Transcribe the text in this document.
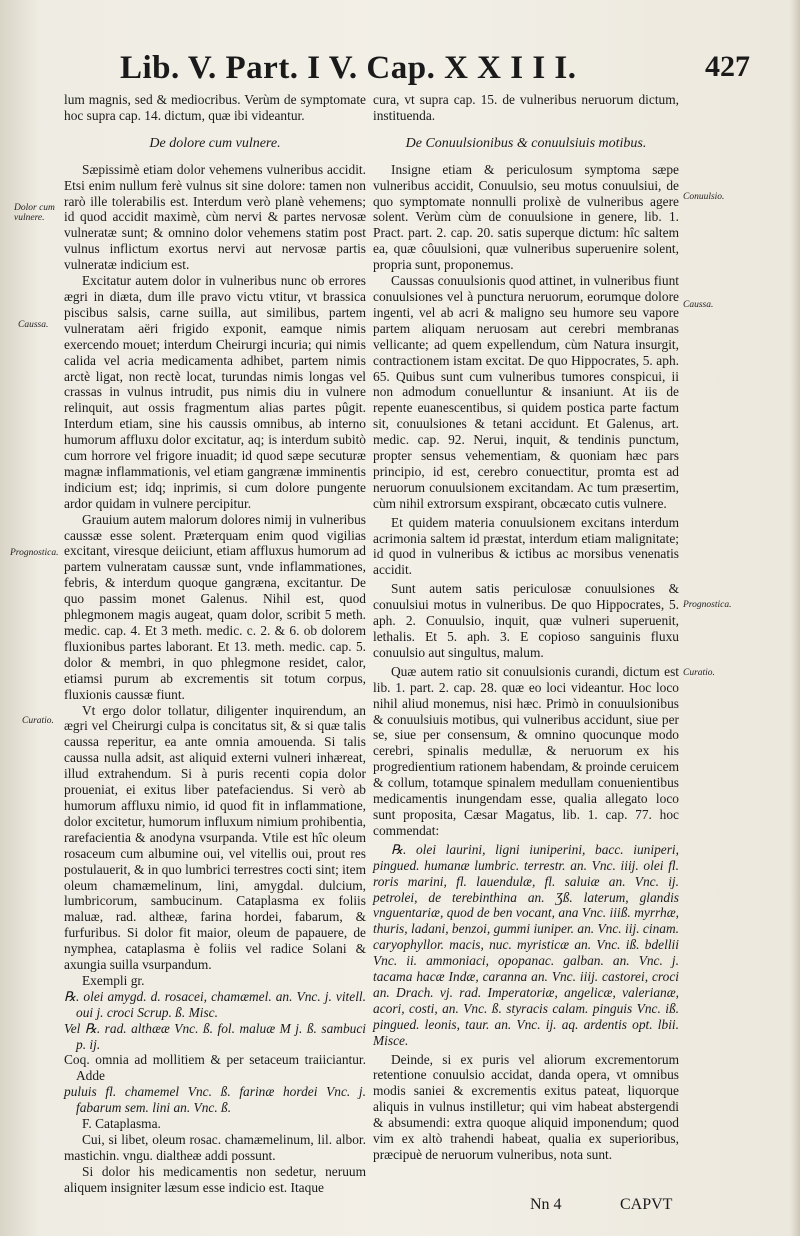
Lib. V. Part. I V. Cap. X X I I I.	427
Dolor cum vulnere.
Caussa.
Prognostica.
Curatio.
Conuulsio.
Caussa.
Prognostica.
Curatio.

lum magnis, sed & mediocribus. Verùm de symptomate hoc supra cap. 14. dictum, quæ ibi videantur.

De dolore cum vulnere.

Sæpissimè etiam dolor vehemens vulneribus accidit. Etsi enim nullum ferè vulnus sit sine dolore: tamen non rarò ille tolerabilis est. Interdum verò planè vehemens; id quod accidit maximè, cùm nervi & partes nervosæ vulneratæ sunt; & omnino dolor vehemens statim post vulnus inflictum exortus nervi aut nervosæ partis vulneratæ indicium est.

Excitatur autem dolor in vulneribus nunc ob errores ægri in diæta, dum ille pravo victu vtitur, vt brassica piscibus salsis, carne suilla, aut similibus, partem vulneratam aëri frigido exponit, eamque nimis exercendo mouet; interdum Cheirurgi incuria; qui nimis calida vel acria medicamenta adhibet, partem nimis arctè ligat, non rectè locat, turundas nimis longas vel crassas in vulnus intrudit, pus nimis diu in vulnere relinquit, aut ossis fragmentum alias partes pûgit. Interdum etiam, sine his caussis omnibus, ab interno humorum affluxu dolor excitatur, aq; is interdum subitò cum horrore vel frigore inuadit; id quod sæpe secuturæ magnæ inflammationis, vel etiam gangrænæ imminentis indicium est; idq; inprimis, si cum dolore pungente ardor quidam in vulnere percipitur.

Grauium autem malorum dolores nimij in vulneribus caussæ esse solent. Præterquam enim quod vigilias excitant, viresque deiiciunt, etiam affluxus humorum ad partem vulneratam caussæ sunt, vnde inflammationes, febris, & interdum quoque gangræna, excitantur. De quo passim monet Galenus. Nihil est, quod phlegmonem magis augeat, quam dolor, scribit 5 meth. medic. cap. 4. Et 3 meth. medic. c. 2. & 6. ob dolorem fluxionibus partes laborant. Et 13. meth. medic. cap. 5. dolor & membri, in quo phlegmone residet, calor, etiamsi purum ab excrementis sit totum corpus, fluxionis caussæ fiunt.

Vt ergo dolor tollatur, diligenter inquirendum, an ægri vel Cheirurgi culpa is concitatus sit, & si quæ talis caussa reperitur, ea ante omnia amouenda. Si talis caussa nulla adsit, ast aliquid externi vulneri inhæreat, illud extrahendum. Si à puris recenti copia dolor proueniat, ei exitus liber patefaciendus. Si verò ab humorum affluxu nimio, id quod fit in inflammatione, dolor excitetur, humorum influxum nimium prohibentia, rarefacientia & anodyna vsurpanda. Vtile est hîc oleum rosaceum cum albumine oui, vel vitellis oui, prout res postulauerit, & in quo lumbrici terrestres cocti sint; item oleum chamæmelinum, lini, amygdal. dulcium, lumbricorum, sambucinum. Cataplasma ex foliis maluæ, rad. altheæ, farina hordei, fabarum, & furfuribus. Si dolor fit maior, oleum de papauere, de nymphea, cataplasma è foliis vel radice Solani & axungia suilla vsurpandum.

Exempli gr.

℞. olei amygd. d. rosacei, chamæmel. an. Vnc. j. vitell. oui j. croci Scrup. ß. Misc.

Vel ℞. rad. althææ Vnc. ß. fol. maluæ M j. ß. sambuci p. ij.

Coq. omnia ad mollitiem & per setaceum traiiciantur. Adde

puluis fl. chamemel Vnc. ß. farinæ hordei Vnc. j. fabarum sem. lini an. Vnc. ß.

F. Cataplasma.

Cui, si libet, oleum rosac. chamæmelinum, lil. albor. mastichin. vngu. dialtheæ addi possunt.

Si dolor his medicamentis non sedetur, neruum aliquem insigniter læsum esse indicio est. Itaque

cura, vt supra cap. 15. de vulneribus neruorum dictum, instituenda.

De Conuulsionibus & conuulsiuis motibus.

Insigne etiam & periculosum symptoma sæpe vulneribus accidit, Conuulsio, seu motus conuulsiui, de quo symptomate nonnulli prolixè de vulneribus agere solent. Verùm cùm de conuulsione in genere, lib. 1. Pract. part. 2. cap. 20. satis superque dictum: hîc saltem ea, quæ côuulsioni, quæ vulneribus superuenire solent, propria sunt, proponemus.

Caussas conuulsionis quod attinet, in vulneribus fiunt conuulsiones vel à punctura neruorum, eorumque dolore ingenti, vel ab acri & maligno seu humore seu vapore partem aliquam neruosam aut cerebri membranas vellicante; ad quem expellendum, cùm Natura insurgit, contractionem istam excitat. De quo Hippocrates, 5. aph. 65. Quibus sunt cum vulneribus tumores conspicui, ii non admodum conuelluntur & insaniunt. At iis de repente euanescentibus, si quidem postica parte factum sit, conuulsiones & tetani accidunt. Et Galenus, art. medic. cap. 92. Nerui, inquit, & tendinis punctum, propter sensus vehementiam, & quoniam hæc pars principio, id est, cerebro conuectitur, promta est ad neruorum conuulsionem excitandam. Ac tum præsertim, cùm nihil extrorsum exspirant, obcæcato cutis vulnere.

Et quidem materia conuulsionem excitans interdum acrimonia saltem id præstat, interdum etiam malignitate; id quod in vulneribus & ictibus ac morsibus venenatis accidit.

Sunt autem satis periculosæ conuulsiones & conuulsiui motus in vulneribus. De quo Hippocrates, 5. aph. 2. Conuulsio, inquit, quæ vulneri superuenit, lethalis. Et 5. aph. 3. E copioso sanguinis fluxu conuulsio aut singultus, malum.

Quæ autem ratio sit conuulsionis curandi, dictum est lib. 1. part. 2. cap. 28. quæ eo loci videantur. Hoc loco nihil aliud monemus, nisi hæc. Primò in conuulsionibus & conuulsiuis motibus, qui vulneribus accidunt, siue per se, siue per consensum, & omnino quocunque modo cerebri, spinalis medullæ, & neruorum ex his progredientium rationem habendam, & proinde ceruicem & collum, totamque spinalem medullam conuenientibus medicamentis inungendam esse, qualia allegato loco sunt proposita, Cæsar Magatus, lib. 1. cap. 77. hoc commendat:

℞. olei laurini, ligni iuniperini, bacc. iuniperi, pingued. humanæ lumbric. terrestr. an. Vnc. iiij. olei fl. roris marini, fl. lauendulæ, fl. saluiæ an. Vnc. ij. petrolei, de terebinthina an. Ʒß. laterum, glandis vnguentariæ, quod de ben vocant, ana Vnc. iiiß. myrrhæ, thuris, ladani, benzoi, gummi iuniper. an. Vnc. iij. cinam. caryophyllor. macis, nuc. myristicæ an. Vnc. iß. bdellii Vnc. ii. ammoniaci, opopanac. galban. an. Vnc. j. tacama hacæ Indæ, caranna an. Vnc. iiij. castorei, croci an. Drach. vj. rad. Imperatoriæ, angelicæ, valerianæ, acori, costi, an. Vnc. ß. styracis calam. pinguis Vnc. iß. pingued. leonis, taur. an. Vnc. ij. aq. ardentis opt. lbii. Misce.

Deinde, si ex puris vel aliorum excrementorum retentione conuulsio accidat, danda opera, vt omnibus modis saniei & excrementis exitus pateat, liquorque aliquis in vulnus instilletur; qui vim habeat abstergendi & absumendi: extra quoque aliquid imponendum; quod vim ex altò trahendi habeat, qualia ex superioribus, præcipuè de neruorum vulneribus, nota sunt.

Nn 4	CAPVT
